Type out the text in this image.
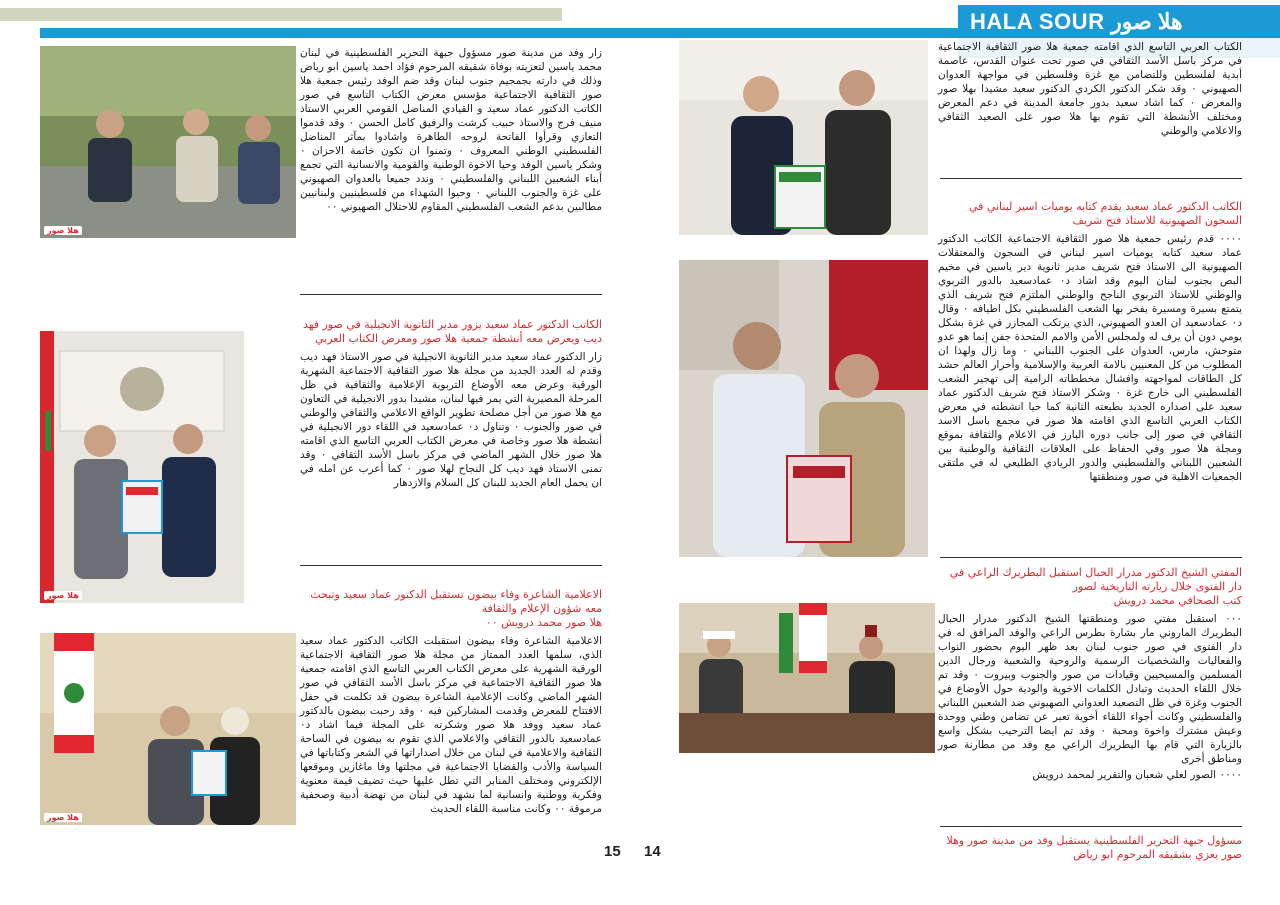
HALA SOUR هلا صور
هلا صور

زار وفد من مدينة صور مسؤول جبهة التحرير الفلسطينية في لبنان محمد ياسين لتعزيته بوفاة شقيقه المرحوم فؤاد احمد ياسين ابو رياض وذلك في دارته بجمجيم جنوب لبنان وقد ضم الوفد رئيس جمعية هلا صور الثقافية الاجتماعية مؤسس معرض الكتاب التاسع في صور الكاتب الدكتور عماد سعيد و القيادي المناضل القومي العربي الاستاذ منيف فرج والاستاذ حبيب كرشت والرفيق كامل الحسن ٠ وقد قدموا التعازي وقرأوا الفاتحة لروحه الطاهرة واشادوا بمآثر المناضل الفلسطيني الوطني المعروف ٠ وتمنوا ان تكون خاتمة الاحزان ٠ وشكر ياسين الوفد وحيا الاخوة الوطنية والقومية والانسانية التي تجمع أبناء الشعبين اللبناني والفلسطيني ٠ وندد جميعا بالعدوان الصهيوني على غزة والجنوب اللبناني ٠ وحيوا الشهداء من فلسطينيين ولبنانيين مطالبين بدعم الشعب الفلسطيني المقاوم للاحتلال الصهيوني ٠٠

هلا صور

الكاتب الدكتور عماد سعيد يزور مدير الثانوية الانجيلية في صور فهد ديب ويعرض معه أنشطة جمعية هلا صور ومعرض الكتاب العربي

زار الدكتور عماد سعيد مدير الثانوية الانجيلية في صور الاستاذ فهد ديب وقدم له العدد الجديد من مجلة هلا صور الثقافية الاجتماعية الشهرية الورقية وعرض معه الأوضاع التربوية الإعلامية والثقافية في ظل المرحلة المصيرية التي يمر فيها لبنان، مشيدا بدور الانجيلية في التعاون مع هلا صور من أجل مصلحة تطوير الواقع الاعلامي والثقافي والوطني في صور والجنوب ٠ وتناول د٠ عمادسعيد في اللقاء دور الانجيلية في أنشطة هلا صور وخاصة في معرض الكتاب العربي التاسع الذي اقامته هلا صور خلال الشهر الماضي في مركز باسل الأسد الثقافي ٠ وقد تمنى الاستاذ فهد ديب كل النجاح لهلا صور ٠ كما أعرب عن امله في ان يحمل العام الجديد للبنان كل السلام والازدهار

هلا صور

الاعلامية الشاعرة وفاء بيضون تستقبل الدكتور عماد سعيد وتبحث معه شؤون الإعلام والثقافة

هلا صور محمد درويش ٠٠

الاعلامية الشاعرة وفاء بيضون استقبلت الكاتب الدكتور عماد سعيد الذي، سلمها العدد الممتاز من مجلة هلا صور الثقافية الاجتماعية الورقية الشهرية على معرض الكتاب العربي التاسع الذي اقامته جمعية هلا صور الثقافية الاجتماعية في مركز باسل الأسد الثقافي في صور الشهر الماضي وكانت الإعلامية الشاعرة بيضون قد تكلمت في حفل الافتتاح للمعرض وقدمت المشاركين فيه ٠ وقد رحبت بيضون بالدكتور عماد سعيد ووفد هلا صور وشكرته على المجلة فيما اشاد د٠ عمادسعيد بالدور الثقافي والاعلامي الذي تقوم به بيضون في الساحة الثقافية والاعلامية في لبنان من خلال اصداراتها في الشعر وكتاباتها في السياسة والأدب والقضايا الاجتماعية في مجلتها وفا ماغازين وموقعها الإلكتروني ومختلف المنابر التي تطل عليها حيث تضيف قيمة معنوية وفكرية ووطنية وانسانية لما نشهد في لبنان من نهضة أدبية وصحفية مرموقة ٠٠ وكانت مناسبة اللقاء الحديث

15 14

الكتاب العربي التاسع الذي اقامته جمعية هلا صور الثقافية الاجتماعية في مركز باسل الأسد الثقافي في صور تحت عنوان القدس، عاصمة أبدية لفلسطين وللتضامن مع غزة وفلسطين في مواجهة العدوان الصهيوني ٠ وقد شكر الدكتور الكردي الدكتور سعيد مشيدا بهلا صور والمعرض ٠ كما اشاد سعيد بدور جامعة المدينة في دعم المعرض ومختلف الأنشطة التي تقوم بها هلا صور على الصعيد الثقافي والاعلامي والوطني

الكاتب الدكتور عماد سعيد يقدم كتابه يوميات اسير لبناني في السجون الصهيونية للاستاذ فتح شريف

٠٠٠٠ قدم رئيس جمعية هلا صور الثقافية الاجتماعية الكاتب الدكتور عماد سعيد كتابه يوميات اسير لبناني في السجون والمعتقلات الصهيونية الى الاستاذ فتح شريف مدير ثانوية دير ياسين في مخيم البص بجنوب لبنان اليوم وقد اشاد د٠ عمادسعيد بالدور التربوي والوطني للاستاذ التربوي الناجح والوطني الملتزم فتح شريف الذي يتمتع بسيرة ومسيرة يفخر بها الشعب الفلسطيني بكل اطيافه ٠ وقال د٠ عمادسعيد ان العدو الصهيوني، الذي يرتكب المجازر في غزة بشكل يومي دون أن يرف له ولمجلس الأمن والامم المتحدة جفن إنما هو عدو متوحش، مارس، العدوان على الجنوب اللبناني ٠ وما زال ولهذا ان المطلوب من كل المعنيين بالامة العربية والإسلامية وأحرار العالم حشد كل الطاقات لمواجهته وافشال مخططاته الرامية إلى تهجير الشعب الفلسطيني الى خارج غزة ٠ وشكر الاستاذ فتح شريف الدكتور عماد سعيد على اصداره الجديد بطبعته الثانية كما حيا انشطته في معرض الكتاب العربي التاسع الذي اقامته هلا صور في مجمع باسل الاسد الثقافي في صور إلى جانب دوره البارز في الاعلام والثقافة بموقع ومجلة هلا صور وفي الحفاظ على العلاقات الثقافية والوطنية بين الشعبين اللبناني والفلسطيني والدور الريادي الطليعي له في ملتقى الجمعيات الاهلية في صور ومنطقتها

المفتي الشيخ الدكتور مدرار الحبال استقبل البطريرك الراعي في دار الفتوى خلال زيارته التاريخية لصور

كتب الصحافي محمد درويش

٠٠٠ استقبل مفتي صور ومنطقتها الشيخ الدكتور مدرار الحبال البطريرك الماروني مار بشارة بطرس الراعي والوفد المرافق له في دار الفتوى في صور جنوب لبنان بعد ظهر اليوم بحضور النواب والفعاليات والشخصيات الرسمية والروحية والشعبية ورجال الدين المسلمين والمسيحيين وقيادات من صور والجنوب وبيروت ٠ وقد تم خلال اللقاء الحديث وتبادل الكلمات الاخوية والودية حول الأوضاع في الجنوب وغزة في ظل التصعيد العدواني الصهيوني ضد الشعبين اللبناني والفلسطيني وكانت أجواء اللقاء أخوية تعبر عن تضامن وطني ووحدة وعيش مشترك واخوة ومحبة ٠ وقد تم ايضا الترحيب بشكل واسع بالزيارة التي قام بها البطريرك الراعي مع وفد من مطارنة صور ومناطق أخرى

٠٠٠٠ الصور لعلي شعبان والتقرير لمحمد درويش

مسؤول جبهة التحرير الفلسطينية يستقبل وفد من مدينة صور وهلا صور يعزي بشقيقه المرحوم ابو رياض
